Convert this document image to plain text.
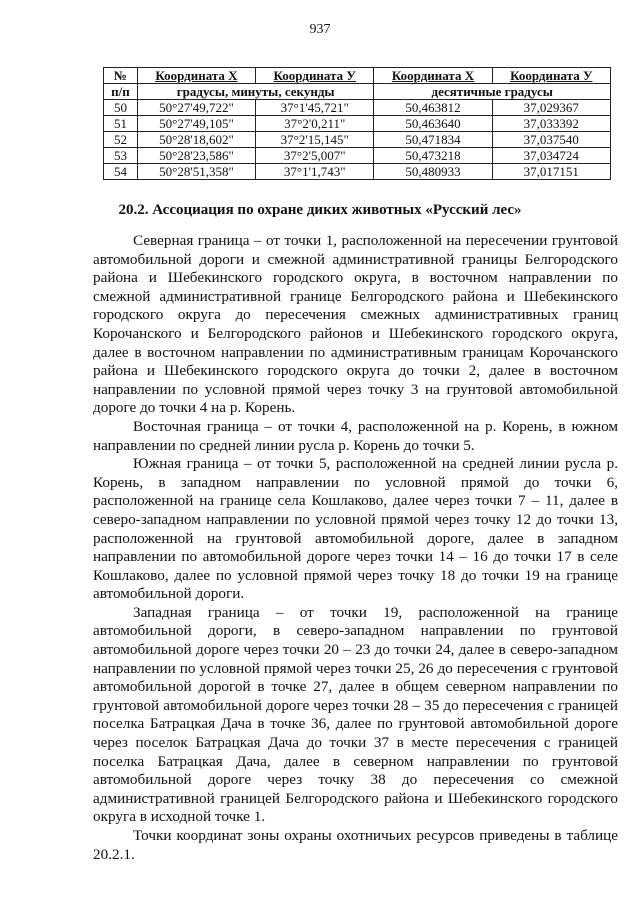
937
№	Координата X	Координата У	Координата X	Координата У
п/п	градусы, минуты, секунды		десятичные градусы	
50	50°27'49,722"	37°1'45,721"	50,463812	37,029367
51	50°27'49,105"	37°2'0,211"	50,463640	37,033392
52	50°28'18,602"	37°2'15,145"	50,471834	37,037540
53	50°28'23,586"	37°2'5,007"	50,473218	37,034724
54	50°28'51,358"	37°1'1,743"	50,480933	37,017151
20.2. Ассоциация по охране диких животных «Русский лес»

Северная граница – от точки 1, расположенной на пересечении грунтовой автомобильной дороги и смежной административной границы Белгородского района и Шебекинского городского округа, в восточном направлении по смежной административной границе Белгородского района и Шебекинского городского округа до пересечения смежных административных границ Корочанского и Белгородского районов и Шебекинского городского округа, далее в восточном направлении по административным границам Корочанского района и Шебекинского городского округа до точки 2, далее в восточном направлении по условной прямой через точку 3 на грунтовой автомобильной дороге до точки 4 на р. Корень.

Восточная граница – от точки 4, расположенной на р. Корень, в южном направлении по средней линии русла р. Корень до точки 5.

Южная граница – от точки 5, расположенной на средней линии русла р. Корень, в западном направлении по условной прямой до точки 6, расположенной на границе села Кошлаково, далее через точки 7 – 11, далее в северо-западном направлении по условной прямой через точку 12 до точки 13, расположенной на грунтовой автомобильной дороге, далее в западном направлении по автомобильной дороге через точки 14 – 16 до точки 17 в селе Кошлаково, далее по условной прямой через точку 18 до точки 19 на границе автомобильной дороги.

Западная граница – от точки 19, расположенной на границе автомобильной дороги, в северо-западном направлении по грунтовой автомобильной дороге через точки 20 – 23 до точки 24, далее в северо-западном направлении по условной прямой через точки 25, 26 до пересечения с грунтовой автомобильной дорогой в точке 27, далее в общем северном направлении по грунтовой автомобильной дороге через точки 28 – 35 до пересечения с границей поселка Батрацкая Дача в точке 36, далее по грунтовой автомобильной дороге через поселок Батрацкая Дача до точки 37 в месте пересечения с границей поселка Батрацкая Дача, далее в северном направлении по грунтовой автомобильной дороге через точку 38 до пересечения со смежной административной границей Белгородского района и Шебекинского городского округа в исходной точке 1.

Точки координат зоны охраны охотничьих ресурсов приведены в таблице 20.2.1.
